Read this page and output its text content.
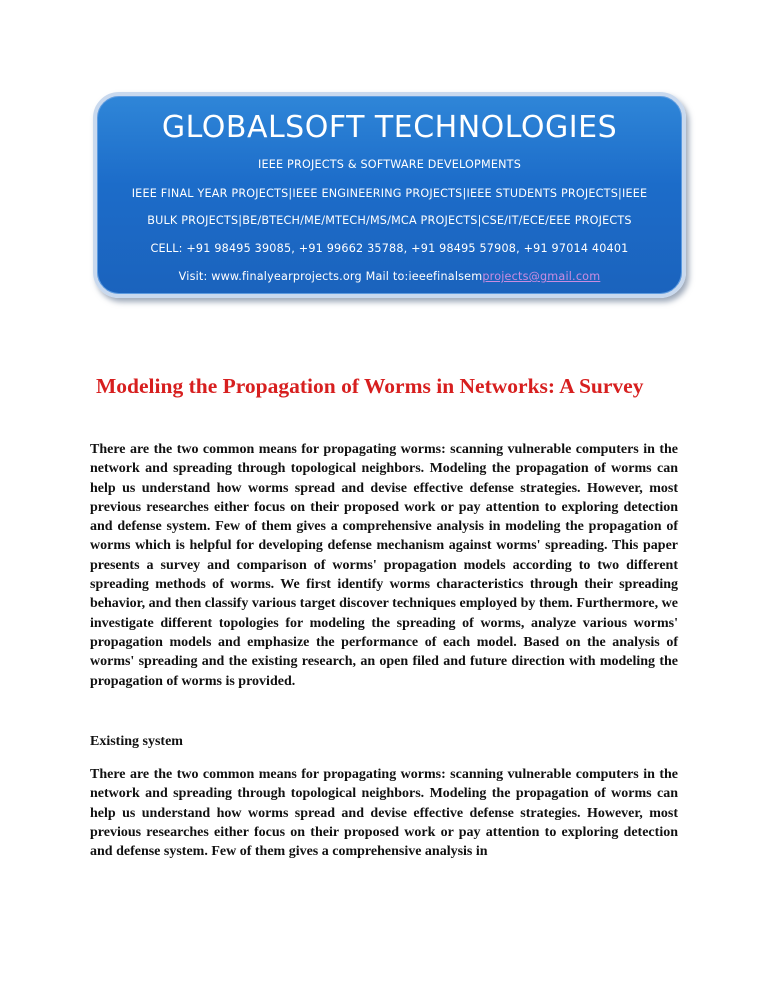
GLOBALSOFT TECHNOLOGIES
IEEE PROJECTS & SOFTWARE DEVELOPMENTS
IEEE FINAL YEAR PROJECTS|IEEE ENGINEERING PROJECTS|IEEE STUDENTS PROJECTS|IEEE
BULK PROJECTS|BE/BTECH/ME/MTECH/MS/MCA PROJECTS|CSE/IT/ECE/EEE PROJECTS
CELL: +91 98495 39085, +91 99662 35788, +91 98495 57908, +91 97014 40401
Visit: www.finalyearprojects.org Mail to:ieeefinalsemprojects@gmail.com
Modeling the Propagation of Worms in Networks: A Survey

There are the two common means for propagating worms: scanning vulnerable computers in the network and spreading through topological neighbors. Modeling the propagation of worms can help us understand how worms spread and devise effective defense strategies. However, most previous researches either focus on their proposed work or pay attention to exploring detection and defense system. Few of them gives a comprehensive analysis in modeling the propagation of worms which is helpful for developing defense mechanism against worms' spreading. This paper presents a survey and comparison of worms' propagation models according to two different spreading methods of worms. We first identify worms characteristics through their spreading behavior, and then classify various target discover techniques employed by them. Furthermore, we investigate different topologies for modeling the spreading of worms, analyze various worms' propagation models and emphasize the performance of each model. Based on the analysis of worms' spreading and the existing research, an open filed and future direction with modeling the propagation of worms is provided.

Existing system

There are the two common means for propagating worms: scanning vulnerable computers in the network and spreading through topological neighbors. Modeling the propagation of worms can help us understand how worms spread and devise effective defense strategies. However, most previous researches either focus on their proposed work or pay attention to exploring detection and defense system. Few of them gives a comprehensive analysis in
